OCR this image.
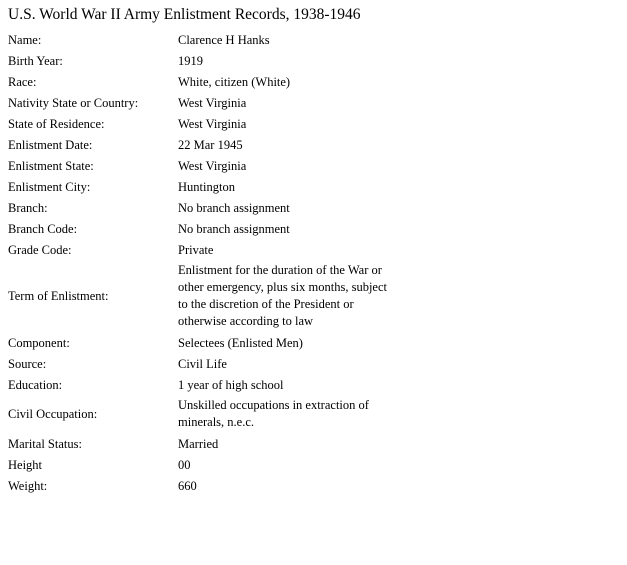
U.S. World War II Army Enlistment Records, 1938-1946
Name:	Clarence H Hanks
Birth Year:	1919
Race:	White, citizen (White)
Nativity State or Country:	West Virginia
State of Residence:	West Virginia
Enlistment Date:	22 Mar 1945
Enlistment State:	West Virginia
Enlistment City:	Huntington
Branch:	No branch assignment
Branch Code:	No branch assignment
Grade Code:	Private
Term of Enlistment:	Enlistment for the duration of the War or
other emergency, plus six months, subject
to the discretion of the President or
otherwise according to law

Component:	Selectees (Enlisted Men)
Source:	Civil Life
Education:	1 year of high school
Civil Occupation:	Unskilled occupations in extraction of
minerals, n.e.c.

Marital Status:	Married
Height	00
Weight:	660
